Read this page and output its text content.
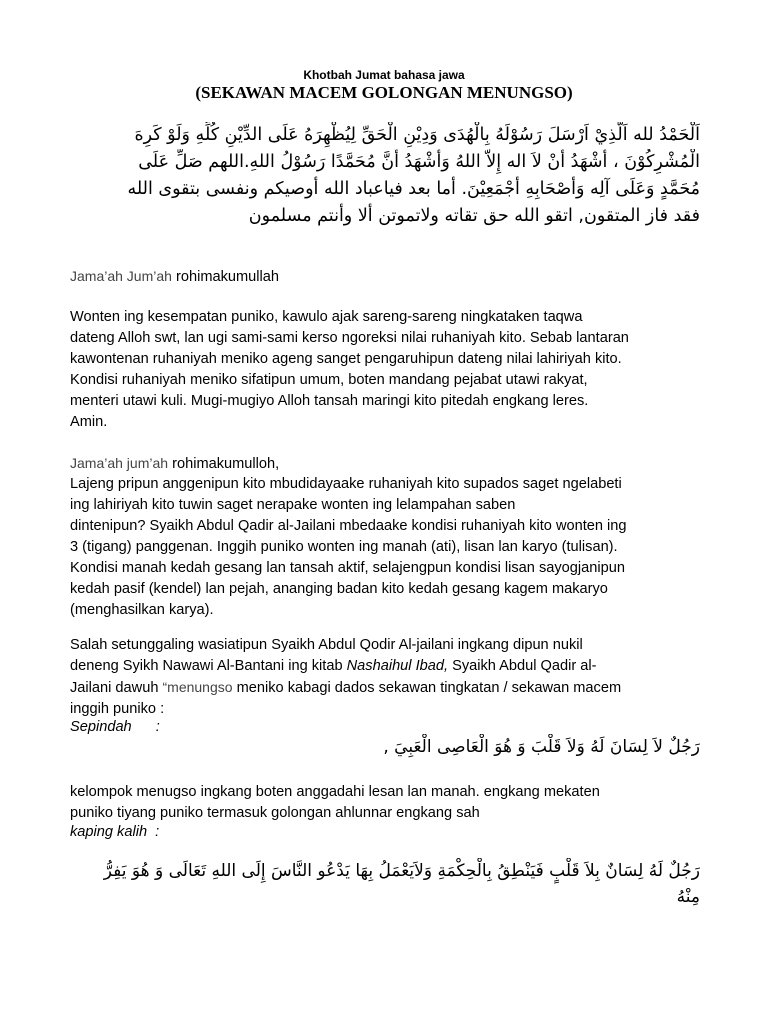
Khotbah Jumat bahasa jawa
(SEKAWAN MACEM GOLONGAN MENUNGSO)
اَلْحَمْدُ لله اَلَّذِيْ اَرْسَلَ رَسُوْلَهُ بِالْهُدَى وَدِيْنِ الْحَقِّ لِيُظْهِرَهُ عَلَى الدِّيْنِ كُلِّهِ وَلَوْ كَرِهَ
الْمُشْرِكُوْنَ ، أَشْهَدُ أَنْ لاَ اله إِلاَّ اللهُ وَأَشْهَدُ أَنَّ مُحَمَّدًا رَسُوْلُ اللهِ.اللهم صَلِّ عَلَى
مُحَمَّدٍ وَعَلَى آلِه وَأَصْحَابِهِ أَجْمَعِيْنَ. أما بعد فياعباد الله أوصيكم ونفسى بتقوى الله
فقد فاز المتقون, اتقو الله حق تقاته ولاتموتن ألا وأنتم مسلمون
Jama’ah Jum’ah rohimakumullah
Wonten ing kesempatan puniko, kawulo ajak sareng-sareng ningkataken taqwa
dateng Alloh swt, lan ugi sami-sami kerso ngoreksi nilai ruhaniyah kito. Sebab lantaran
kawontenan ruhaniyah meniko ageng sanget pengaruhipun dateng nilai lahiriyah kito.
Kondisi ruhaniyah meniko sifatipun umum, boten mandang pejabat utawi rakyat,
menteri utawi kuli. Mugi-mugiyo Alloh tansah maringi kito pitedah engkang leres.
Amin.
Jama’ah jum’ah rohimakumulloh,
Lajeng pripun anggenipun kito mbudidayaake ruhaniyah kito supados saget ngelabeti
ing lahiriyah kito tuwin saget nerapake wonten ing lelampahan saben
dintenipun? Syaikh Abdul Qadir al-Jailani mbedaake kondisi ruhaniyah kito wonten ing
3 (tigang) panggenan. Inggih puniko wonten ing manah (ati), lisan lan karyo (tulisan).
Kondisi manah kedah gesang lan tansah aktif, selajengpun kondisi lisan sayogjanipun
kedah pasif (kendel) lan pejah, ananging badan kito kedah gesang kagem makaryo
(menghasilkan karya).
Salah setunggaling wasiatipun Syaikh Abdul Qodir Al-jailani ingkang dipun nukil
deneng Syikh Nawawi Al-Bantani ing kitab Nashaihul Ibad, Syaikh Abdul Qadir al-
Jailani dawuh “menungso meniko kabagi dados sekawan tingkatan / sekawan macem
inggih puniko :
Sepindah :
رَجُلٌ لاَ لِسَانَ لَهُ وَلاَ قَلْبَ وَ هُوَ الْعَاصِى الْعَبِيَ ,
kelompok menugso ingkang boten anggadahi lesan lan manah. engkang mekaten
puniko tiyang puniko termasuk golongan ahlunnar engkang sah
kaping kalih :
رَجُلٌ لَهُ لِسَانٌ بِلاَ قَلْبٍ فَيَنْطِقُ بِالْحِكْمَةِ وَلاَيَعْمَلُ بِهَا يَدْعُو النَّاسَ إِلَى اللهِ تَعَالَى وَ هُوَ يَفِرُّ
مِنْهُ
